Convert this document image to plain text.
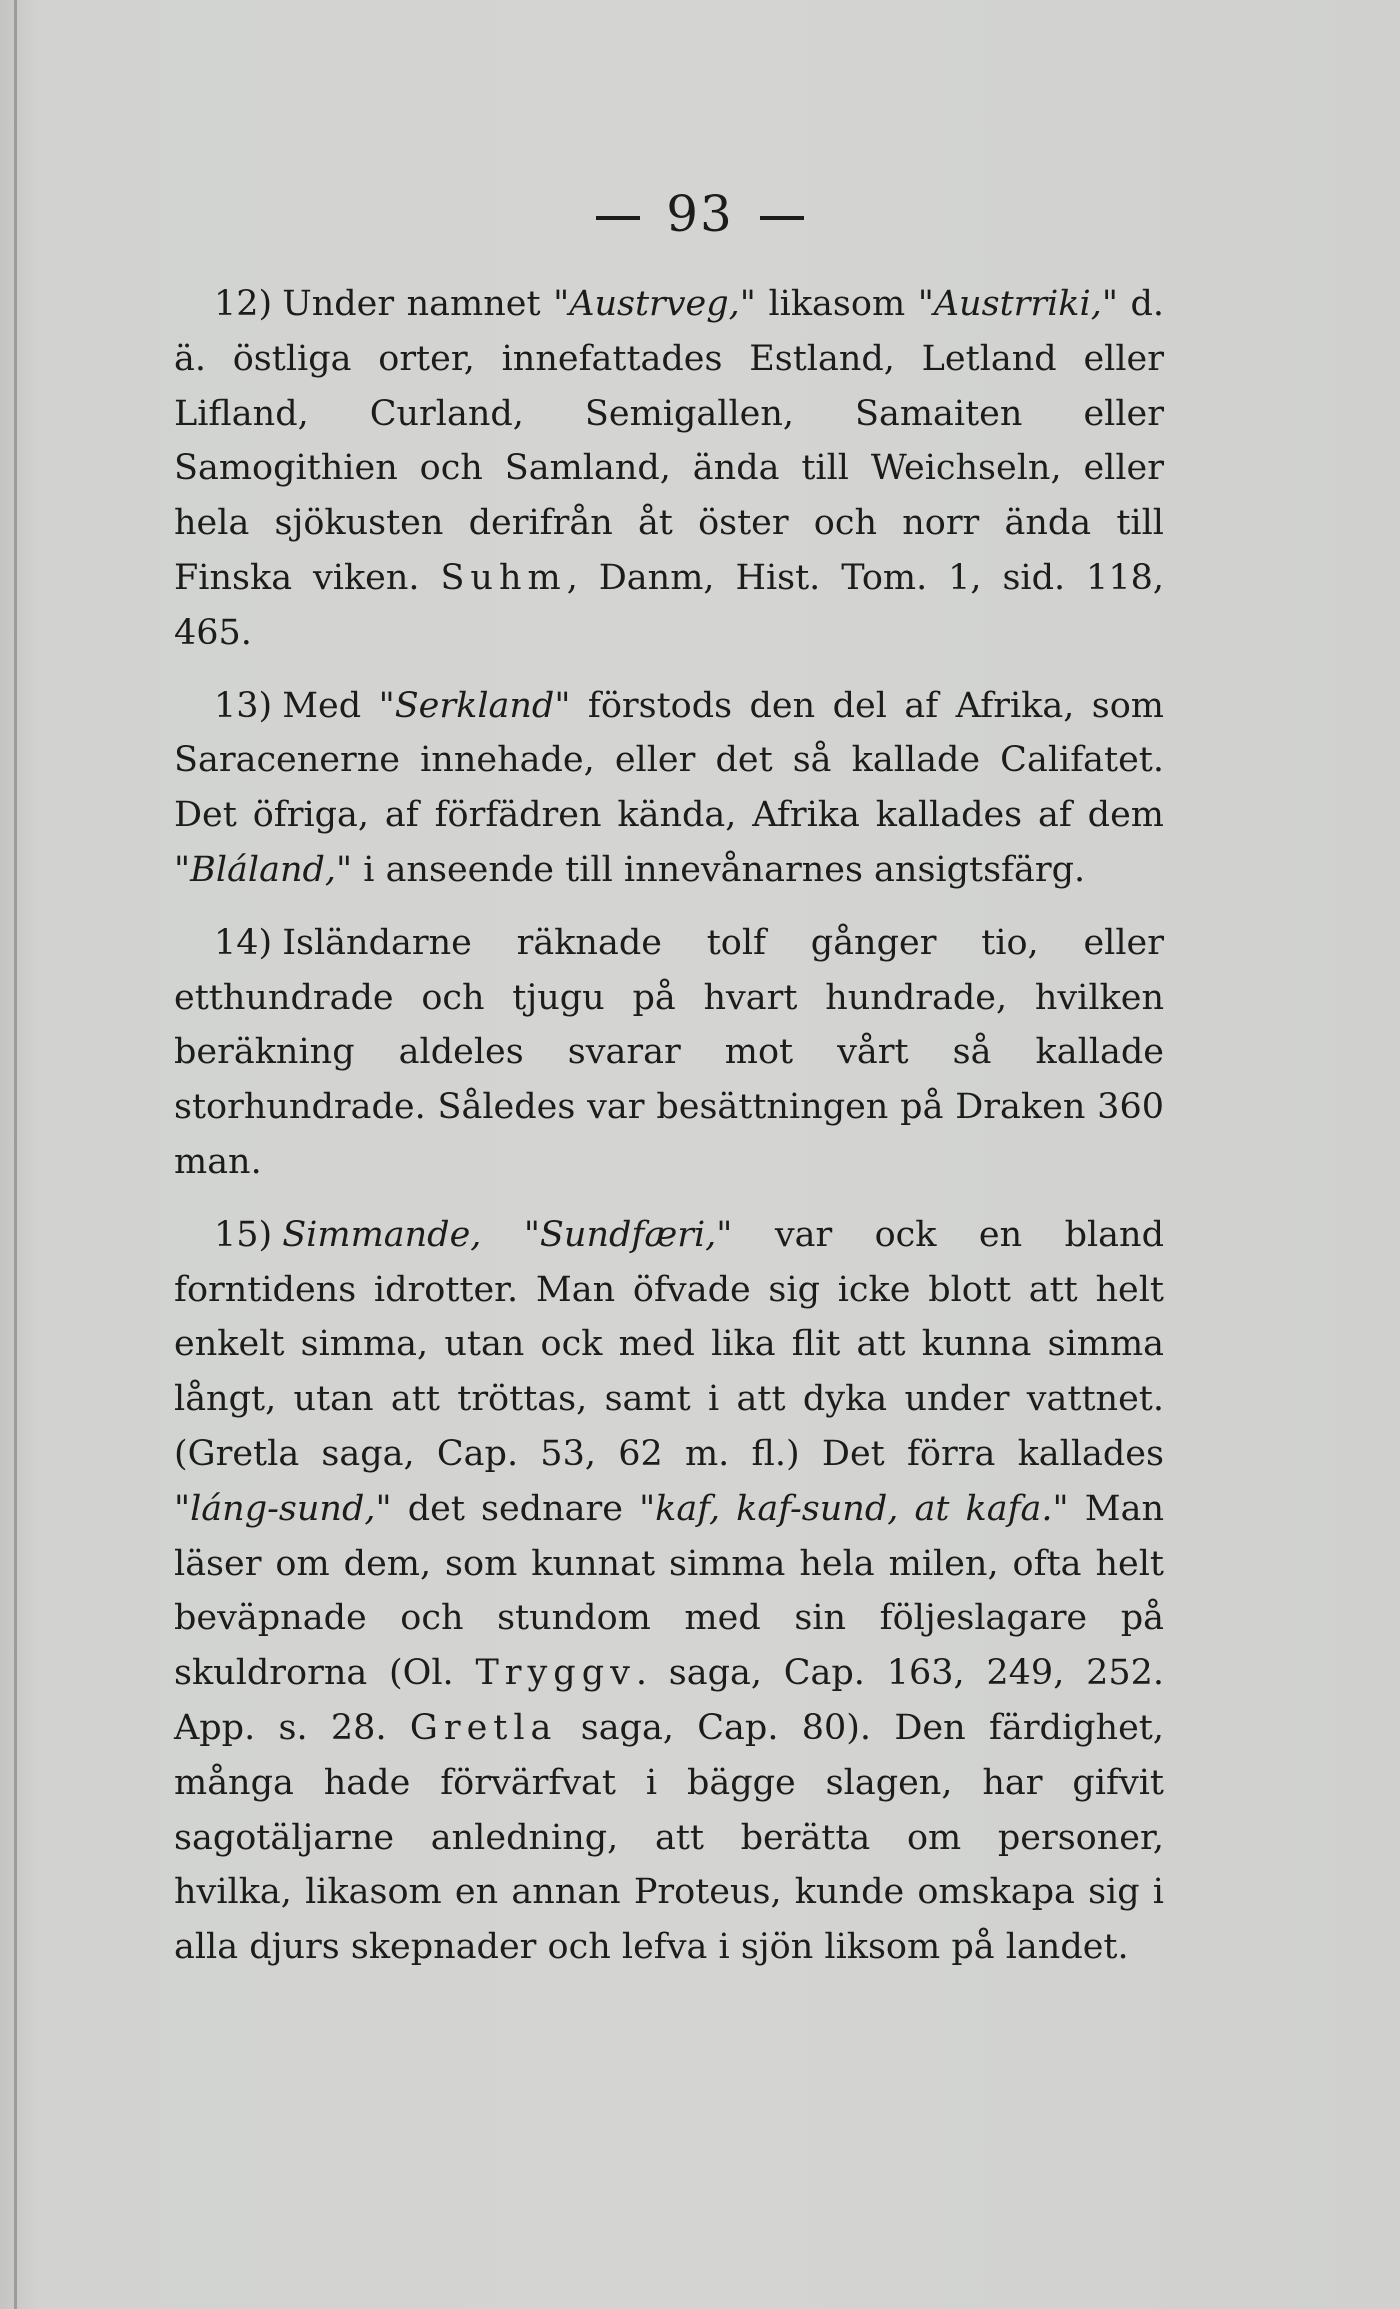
93

12) Under namnet "Austrveg," likasom "Austrriki," d. ä. östliga orter, innefattades Estland, Letland eller Lifland, Curland, Semigallen, Samaiten eller Samogithien och Samland, ända till Weichseln, eller hela sjökusten derifrån åt öster och norr ända till Finska viken. Suhm, Danm, Hist. Tom. 1, sid. 118, 465.

13) Med "Serkland" förstods den del af Afrika, som Saracenerne innehade, eller det så kallade Califatet. Det öfriga, af förfädren kända, Afrika kallades af dem "Bláland," i anseende till innevånarnes ansigtsfärg.

14) Isländarne räknade tolf gånger tio, eller etthundrade och tjugu på hvart hundrade, hvilken beräkning aldeles svarar mot vårt så kallade storhundrade. Således var besättningen på Draken 360 man.

15) Simmande, "Sundfæri," var ock en bland forntidens idrotter. Man öfvade sig icke blott att helt enkelt simma, utan ock med lika flit att kunna simma långt, utan att tröttas, samt i att dyka under vattnet. (Gretla saga, Cap. 53, 62 m. fl.) Det förra kallades "láng-sund," det sednare "kaf, kaf-sund, at kafa." Man läser om dem, som kunnat simma hela milen, ofta helt beväpnade och stundom med sin följeslagare på skuldrorna (Ol. Tryggv. saga, Cap. 163, 249, 252. App. s. 28. Gretla saga, Cap. 80). Den färdighet, många hade förvärfvat i bägge slagen, har gifvit sagotäljarne anledning, att berätta om personer, hvilka, likasom en annan Proteus, kunde omskapa sig i alla djurs skepnader och lefva i sjön liksom på landet.
